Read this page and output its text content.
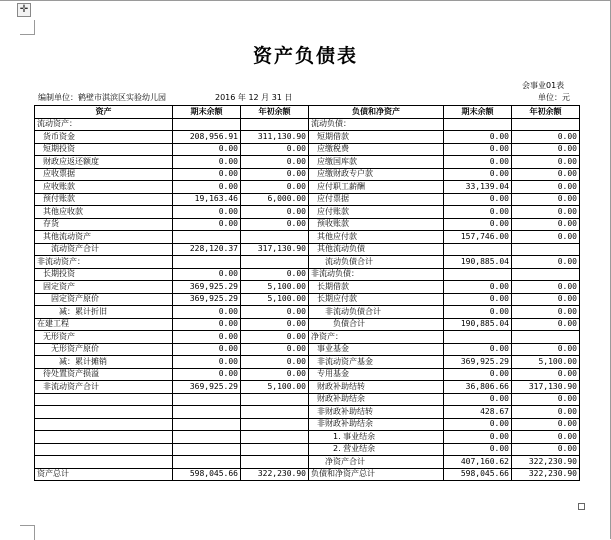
✛
资产负债表
会事业01表
编制单位：鹤壁市淇滨区实验幼儿园	2016 年 12 月 31 日	单位：元
资产	期末余额	年初余额	负债和净资产	期末余额	年初余额
流动资产：			流动负债：		
货币资金	208,956.91	311,130.90	短期借款	0.00	0.00
短期投资	0.00	0.00	应缴税费	0.00	0.00
财政应返还额度	0.00	0.00	应缴国库款	0.00	0.00
应收票据	0.00	0.00	应缴财政专户款	0.00	0.00
应收账款	0.00	0.00	应付职工薪酬	33,139.04	0.00
预付账款	19,163.46	6,000.00	应付票据	0.00	0.00
其他应收款	0.00	0.00	应付账款	0.00	0.00
存货	0.00	0.00	预收账款	0.00	0.00
其他流动资产			其他应付款	157,746.00	0.00
流动资产合计	228,120.37	317,130.90	其他流动负债		
非流动资产：			流动负债合计	190,885.04	0.00
长期投资	0.00	0.00	非流动负债：		
固定资产	369,925.29	5,100.00	长期借款	0.00	0.00
固定资产原价	369,925.29	5,100.00	长期应付款	0.00	0.00
减：累计折旧	0.00	0.00	非流动负债合计	0.00	0.00
在建工程	0.00	0.00	负债合计	190,885.04	0.00
无形资产	0.00	0.00	净资产：		
无形资产原价	0.00	0.00	事业基金	0.00	0.00
减：累计摊销	0.00	0.00	非流动资产基金	369,925.29	5,100.00
待处置资产损溢	0.00	0.00	专用基金	0.00	0.00
非流动资产合计	369,925.29	5,100.00	财政补助结转	36,806.66	317,130.90
			财政补助结余	0.00	0.00
			非财政补助结转	428.67	0.00
			非财政补助结余	0.00	0.00
			1. 事业结余	0.00	0.00
			2. 营业结余	0.00	0.00
			净资产合计	407,160.62	322,230.90
资产总计	598,045.66	322,230.90	负债和净资产总计	598,045.66	322,230.90
